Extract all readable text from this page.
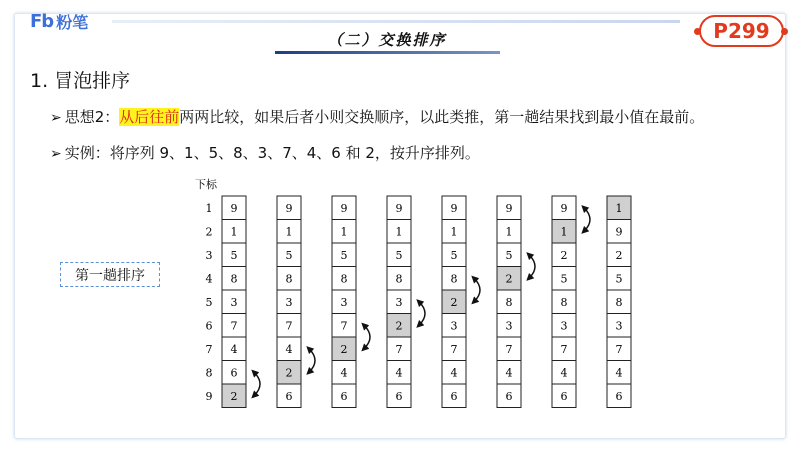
Fb 粉笔
（二）交换排序	P299
1. 冒泡排序
➢ 思想2：从后往前两两比较，如果后者小则交换顺序，以此类推，第一趟结果找到最小值在最前。
➢ 实例：将序列 9、1、5、8、3、7、4、6 和 2，按升序排列。
第一趟排序
下标
1
2
3
4
5
6
7
8
9
9
1
5
8
3
7
4
6
2
9
1
5
8
3
7
4
2
6
9
1
5
8
3
7
2
4
6
9
1
5
8
3
2
7
4
6
9
1
5
8
2
3
7
4
6
9
1
5
2
8
3
7
4
6
9
1
2
5
8
3
7
4
6
1
9
2
5
8
3
7
4
6
